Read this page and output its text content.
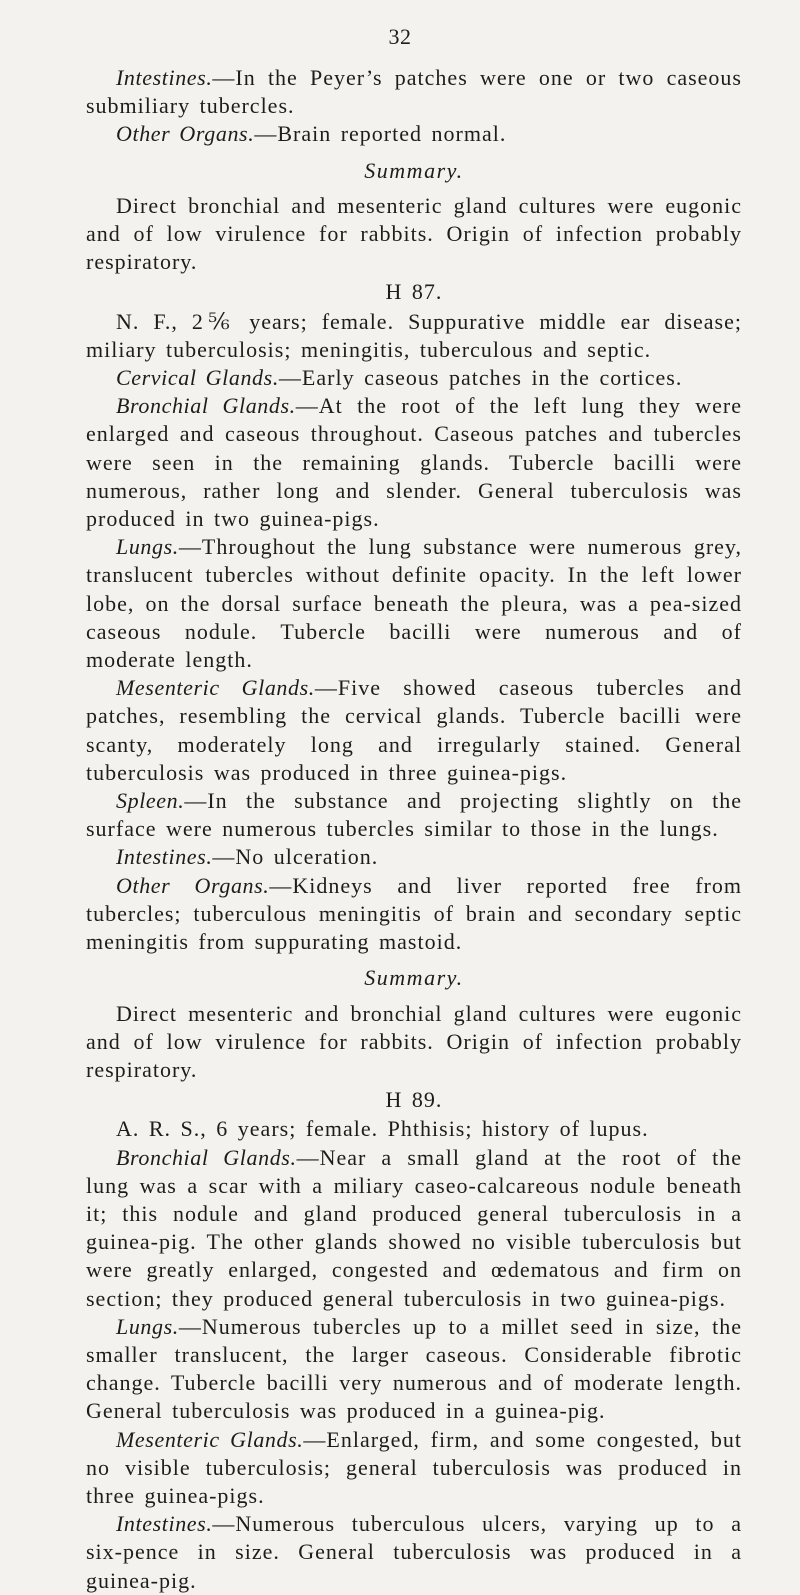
32

Intestines.—In the Peyer’s patches were one or two caseous submiliary tubercles.

Other Organs.—Brain reported normal.

Summary.

Direct bronchial and mesenteric gland cultures were eugonic and of low virulence for rabbits. Origin of infection probably respiratory.

H 87.

N. F., 2⅚ years; female. Suppurative middle ear disease; miliary tuberculosis; meningitis, tuberculous and septic.

Cervical Glands.—Early caseous patches in the cortices.

Bronchial Glands.—At the root of the left lung they were enlarged and caseous throughout. Caseous patches and tubercles were seen in the remaining glands. Tubercle bacilli were numerous, rather long and slender. General tuberculosis was produced in two guinea-pigs.

Lungs.—Throughout the lung substance were numerous grey, translucent tubercles without definite opacity. In the left lower lobe, on the dorsal surface beneath the pleura, was a pea-sized caseous nodule. Tubercle bacilli were numerous and of moderate length.

Mesenteric Glands.—Five showed caseous tubercles and patches, resembling the cervical glands. Tubercle bacilli were scanty, moderately long and irregularly stained. General tuberculosis was produced in three guinea-pigs.

Spleen.—In the substance and projecting slightly on the surface were numerous tubercles similar to those in the lungs.

Intestines.—No ulceration.

Other Organs.—Kidneys and liver reported free from tubercles; tuberculous meningitis of brain and secondary septic meningitis from suppurating mastoid.

Summary.

Direct mesenteric and bronchial gland cultures were eugonic and of low virulence for rabbits. Origin of infection probably respiratory.

H 89.

A. R. S., 6 years; female. Phthisis; history of lupus.

Bronchial Glands.—Near a small gland at the root of the lung was a scar with a miliary caseo-calcareous nodule beneath it; this nodule and gland produced general tuberculosis in a guinea-pig. The other glands showed no visible tuberculosis but were greatly enlarged, congested and œdematous and firm on section; they produced general tuberculosis in two guinea-pigs.

Lungs.—Numerous tubercles up to a millet seed in size, the smaller translucent, the larger caseous. Considerable fibrotic change. Tubercle bacilli very numerous and of moderate length. General tuberculosis was produced in a guinea-pig.

Mesenteric Glands.—Enlarged, firm, and some congested, but no visible tuberculosis; general tuberculosis was produced in three guinea-pigs.

Intestines.—Numerous tuberculous ulcers, varying up to a six-pence in size. General tuberculosis was produced in a guinea-pig.
